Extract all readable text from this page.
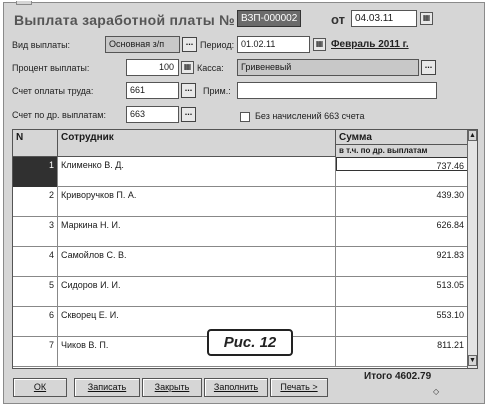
Выплата заработной платы № ВЗП-000002	от	04.03.11	▦
Вид выплаты:	Основная з/п	... Период: 01.02.11	▦ Февраль 2011 г.
Процент выплаты:	100	▦ Касса:	Гривеневый	...
Счет оплаты труда:	661	...	Прим.:
Счет по др. выплатам:	663	...	Без начислений 663 счета
N	Сотрудник	Сумма
в т.ч. по др. выплатам
1 Клименко В. Д.	737.46
2 Криворучков П. А.	439.30
3 Маркина Н. И.	626.84
4 Самойлов С. В.	921.83
5 Сидоров И. И.	513.05
6 Скворец Е. И.	553.10
7 Чиков В. П.	811.21
▲
▼
Рис. 12
ОК	Записать	Закрыть	Заполнить	Печать >
Итого 4602.79
◇
